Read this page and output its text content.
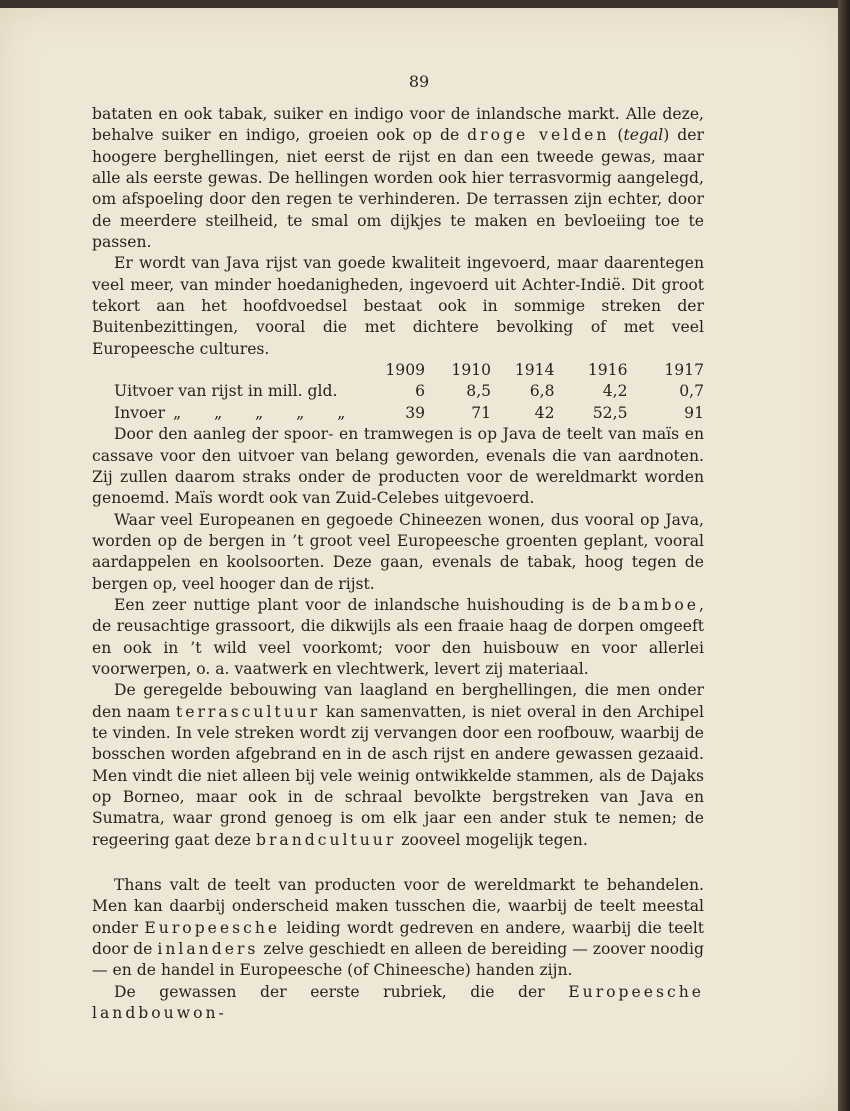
89

bataten en ook tabak, suiker en indigo voor de inlandsche markt. Alle deze, behalve suiker en indigo, groeien ook op de droge velden (tegal) der hoogere berghellingen, niet eerst de rijst en dan een tweede gewas, maar alle als eerste gewas. De hellingen worden ook hier terrasvormig aangelegd, om afspoeling door den regen te verhinderen. De terrassen zijn echter, door de meerdere steilheid, te smal om dijkjes te maken en bevloeiing toe te passen.

Er wordt van Java rijst van goede kwaliteit ingevoerd, maar daarentegen veel meer, van minder hoedanigheden, ingevoerd uit Achter-Indië. Dit groot tekort aan het hoofdvoedsel bestaat ook in sommige streken der Buitenbezittingen, vooral die met dichtere bevolking of met veel Europeesche cultures.

	1909	1910	1914	1916	1917
Uitvoer van rijst in mill. gld.	6	8,5	6,8	4,2	0,7
Invoer „ „ „ „ „	39	71	42	52,5	91

Door den aanleg der spoor- en tramwegen is op Java de teelt van maïs en cassave voor den uitvoer van belang geworden, evenals die van aardnoten. Zij zullen daarom straks onder de producten voor de wereldmarkt worden genoemd. Maïs wordt ook van Zuid-Celebes uitgevoerd.

Waar veel Europeanen en gegoede Chineezen wonen, dus vooral op Java, worden op de bergen in ’t groot veel Europeesche groenten geplant, vooral aardappelen en koolsoorten. Deze gaan, evenals de tabak, hoog tegen de bergen op, veel hooger dan de rijst.

Een zeer nuttige plant voor de inlandsche huishouding is de bamboe, de reusachtige grassoort, die dikwijls als een fraaie haag de dorpen omgeeft en ook in ’t wild veel voorkomt; voor den huisbouw en voor allerlei voorwerpen, o. a. vaatwerk en vlechtwerk, levert zij materiaal.

De geregelde bebouwing van laagland en berghellingen, die men onder den naam terrascultuur kan samenvatten, is niet overal in den Archipel te vinden. In vele streken wordt zij vervangen door een roofbouw, waarbij de bosschen worden afgebrand en in de asch rijst en andere gewassen gezaaid. Men vindt die niet alleen bij vele weinig ontwikkelde stammen, als de Dajaks op Borneo, maar ook in de schraal bevolkte bergstreken van Java en Sumatra, waar grond genoeg is om elk jaar een ander stuk te nemen; de regeering gaat deze brandcultuur zooveel mogelijk tegen.

Thans valt de teelt van producten voor de wereldmarkt te behandelen. Men kan daarbij onderscheid maken tusschen die, waarbij de teelt meestal onder Europeesche leiding wordt gedreven en andere, waarbij die teelt door de inlanders zelve geschiedt en alleen de bereiding — zoover noodig — en de handel in Europeesche (of Chineesche) handen zijn.

De gewassen der eerste rubriek, die der Europeesche landbouwon-
